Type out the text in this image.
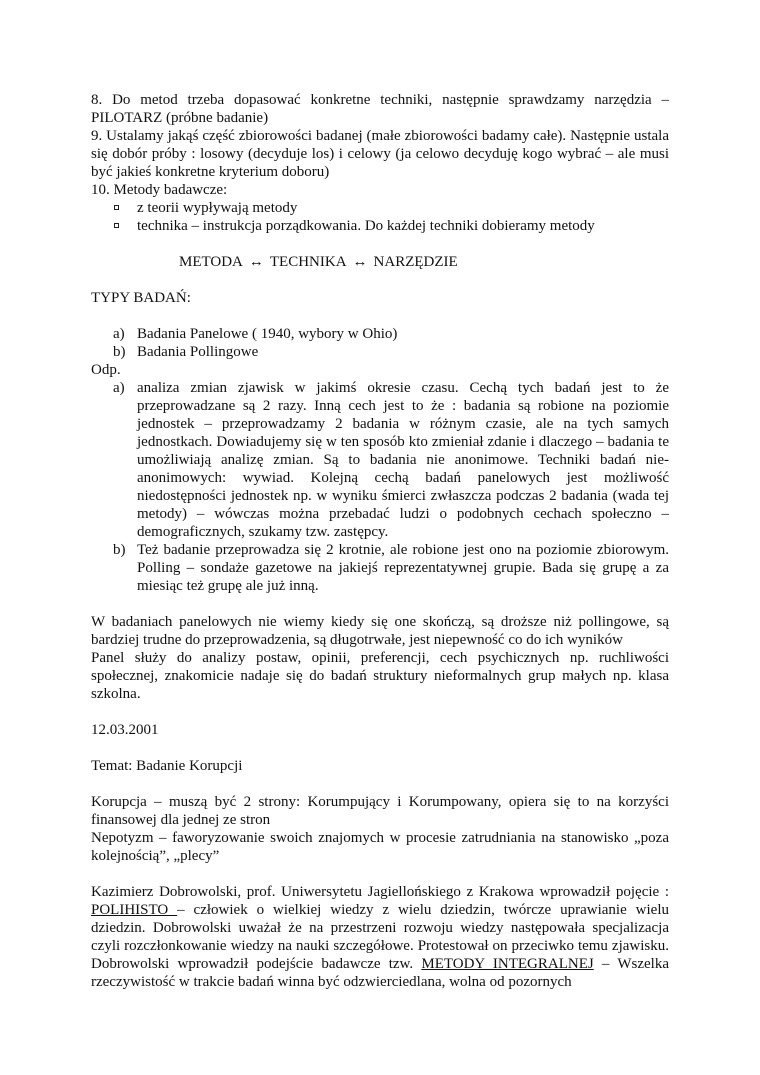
8. Do metod trzeba dopasować konkretne techniki, następnie sprawdzamy narzędzia – PILOTARZ (próbne badanie)

9. Ustalamy jakąś część zbiorowości badanej (małe zbiorowości badamy całe). Następnie ustala się dobór próby : losowy (decyduje los) i celowy (ja celowo decyduję kogo wybrać – ale musi być jakieś konkretne kryterium doboru)

10. Metody badawcze:

z teorii wypływają metody
technika – instrukcja porządkowania. Do każdej techniki dobieramy metody

METODA ↔ TECHNIKA ↔ NARZĘDZIE

TYPY BADAŃ:

a) Badania Panelowe ( 1940, wybory w Ohio)
b) Badania Pollingowe

Odp.

a) analiza zmian zjawisk w jakimś okresie czasu. Cechą tych badań jest to że przeprowadzane są 2 razy. Inną cech jest to że : badania są robione na poziomie jednostek – przeprowadzamy 2 badania w różnym czasie, ale na tych samych jednostkach. Dowiadujemy się w ten sposób kto zmieniał zdanie i dlaczego – badania te umożliwiają analizę zmian. Są to badania nie anonimowe. Techniki badań nie-anonimowych: wywiad. Kolejną cechą badań panelowych jest możliwość niedostępności jednostek np. w wyniku śmierci zwłaszcza podczas 2 badania (wada tej metody) – wówczas można przebadać ludzi o podobnych cechach społeczno – demograficznych, szukamy tzw. zastępcy.
b) Też badanie przeprowadza się 2 krotnie, ale robione jest ono na poziomie zbiorowym. Polling – sondaże gazetowe na jakiejś reprezentatywnej grupie. Bada się grupę a za miesiąc też grupę ale już inną.

W badaniach panelowych nie wiemy kiedy się one skończą, są droższe niż pollingowe, są bardziej trudne do przeprowadzenia, są długotrwałe, jest niepewność co do ich wyników

Panel służy do analizy postaw, opinii, preferencji, cech psychicznych np. ruchliwości społecznej, znakomicie nadaje się do badań struktury nieformalnych grup małych np. klasa szkolna.

12.03.2001

Temat: Badanie Korupcji

Korupcja – muszą być 2 strony: Korumpujący i Korumpowany, opiera się to na korzyści finansowej dla jednej ze stron

Nepotyzm – faworyzowanie swoich znajomych w procesie zatrudniania na stanowisko „poza kolejnością”, „plecy”

Kazimierz Dobrowolski, prof. Uniwersytetu Jagiellońskiego z Krakowa wprowadził pojęcie : POLIHISTO – człowiek o wielkiej wiedzy z wielu dziedzin, twórcze uprawianie wielu dziedzin. Dobrowolski uważał że na przestrzeni rozwoju wiedzy następowała specjalizacja czyli rozczłonkowanie wiedzy na nauki szczegółowe. Protestował on przeciwko temu zjawisku. Dobrowolski wprowadził podejście badawcze tzw. METODY INTEGRALNEJ – Wszelka rzeczywistość w trakcie badań winna być odzwierciedlana, wolna od pozornych
